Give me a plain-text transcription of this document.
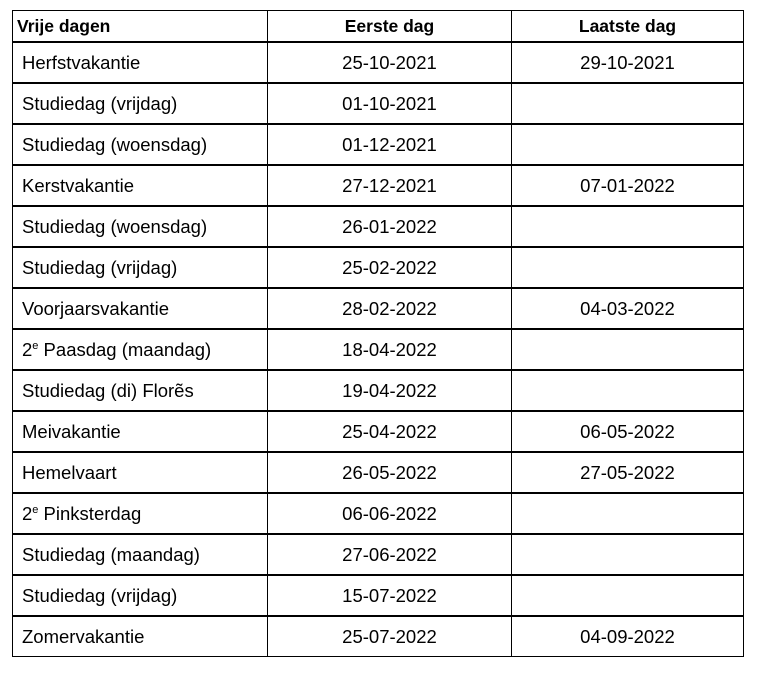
Vrije dagen	Eerste dag	Laatste dag
Herfstvakantie	25-10-2021	29-10-2021
Studiedag (vrijdag)	01-10-2021	
Studiedag (woensdag)	01-12-2021	
Kerstvakantie	27-12-2021	07-01-2022
Studiedag (woensdag)	26-01-2022	
Studiedag (vrijdag)	25-02-2022	
Voorjaarsvakantie	28-02-2022	04-03-2022
2e Paasdag (maandag)	18-04-2022	
Studiedag (di) Florẽs	19-04-2022	
Meivakantie	25-04-2022	06-05-2022
Hemelvaart	26-05-2022	27-05-2022
2e Pinksterdag	06-06-2022	
Studiedag (maandag)	27-06-2022	
Studiedag (vrijdag)	15-07-2022	
Zomervakantie	25-07-2022	04-09-2022
